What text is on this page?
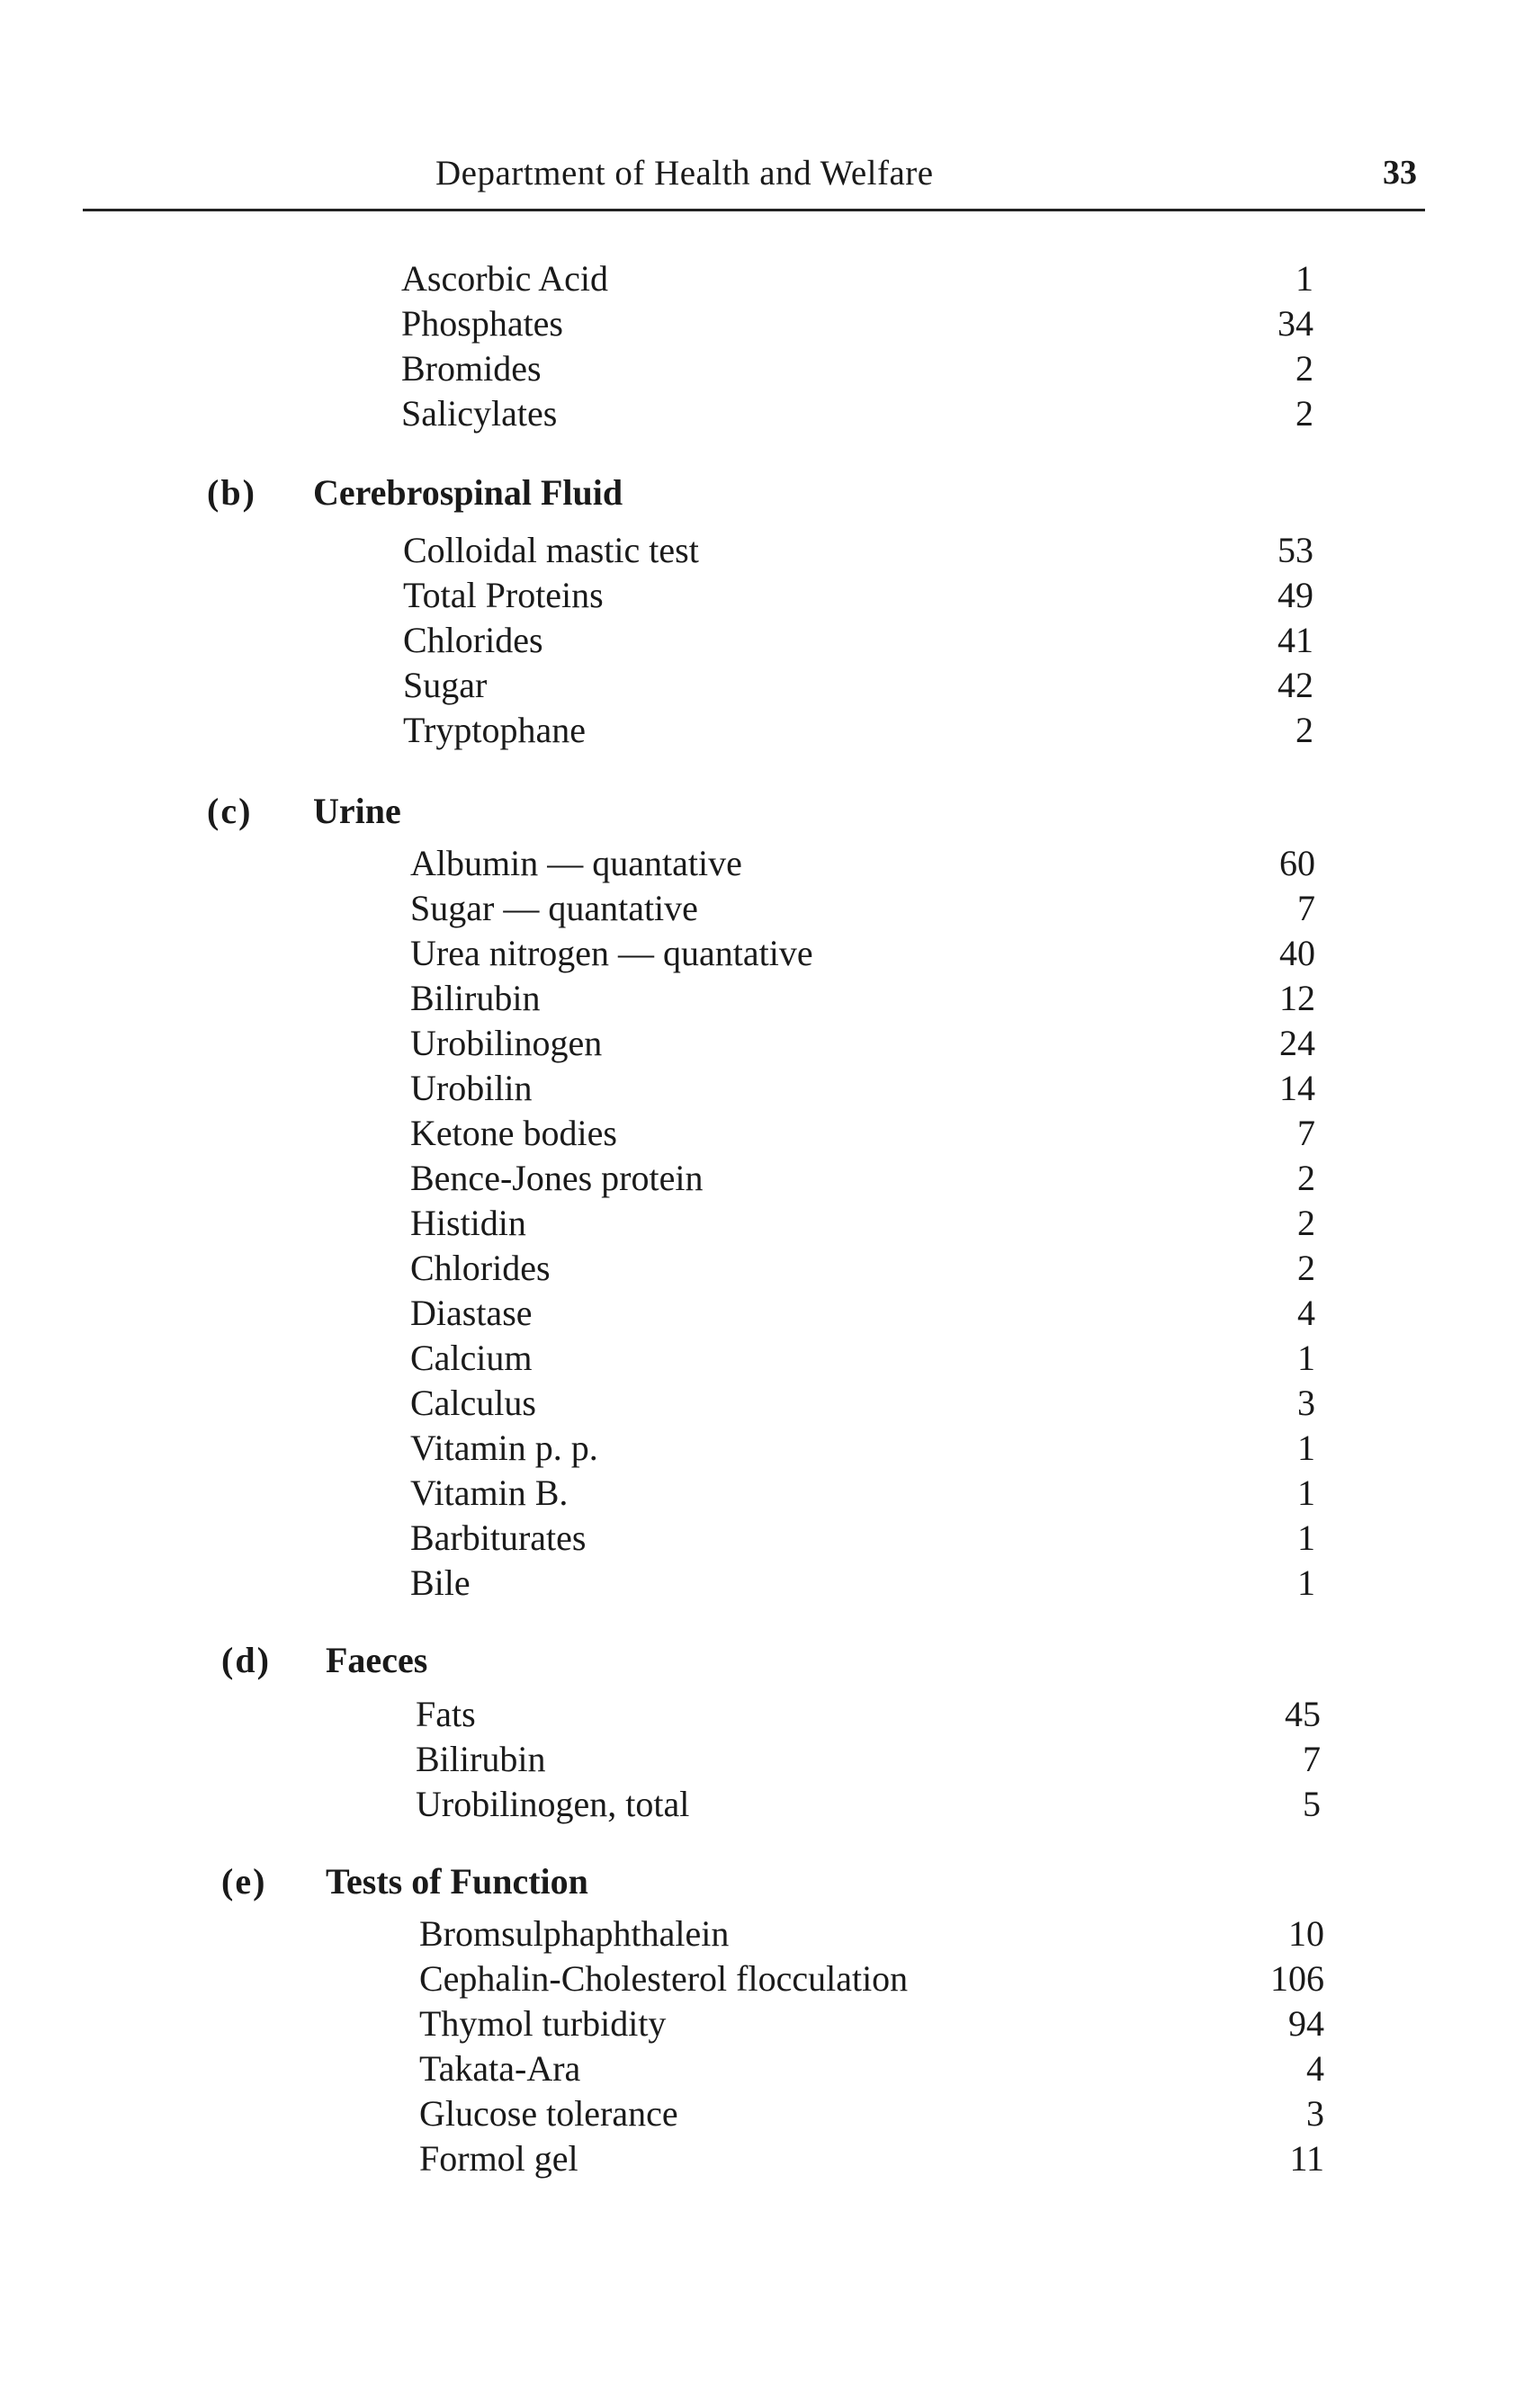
Department of Health and Welfare	33
Ascorbic Acid	1
Phosphates	34
Bromides	2
Salicylates	2
(b) Cerebrospinal Fluid
Colloidal mastic test	53
Total Proteins	49
Chlorides	41
Sugar	42
Tryptophane	2
(c) Urine
Albumin — quantative	60
Sugar — quantative	7
Urea nitrogen — quantative	40
Bilirubin	12
Urobilinogen	24
Urobilin	14
Ketone bodies	7
Bence-Jones protein	2
Histidin	2
Chlorides	2
Diastase	4
Calcium	1
Calculus	3
Vitamin p. p.	1
Vitamin B.	1
Barbiturates	1
Bile	1
(d) Faeces
Fats	45
Bilirubin	7
Urobilinogen, total	5
(e) Tests of Function
Bromsulphaphthalein	10
Cephalin-Cholesterol flocculation	106
Thymol turbidity	94
Takata-Ara	4
Glucose tolerance	3
Formol gel	11
